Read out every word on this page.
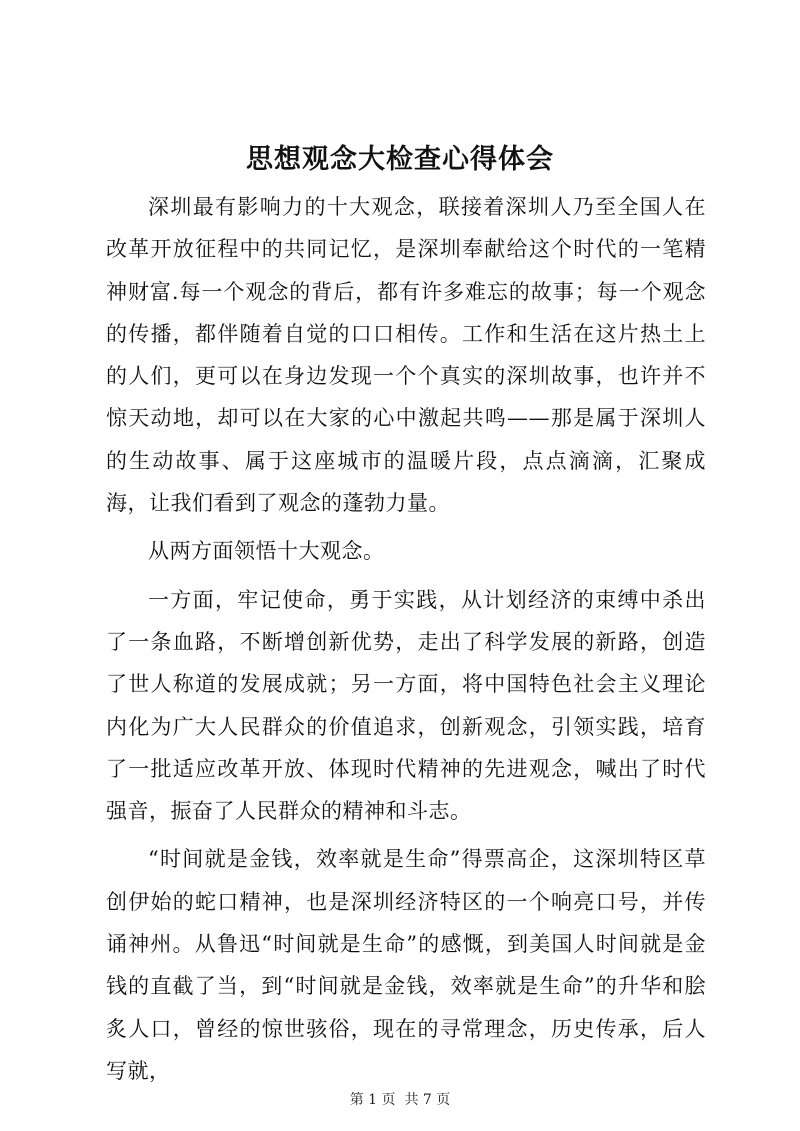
思想观念大检查心得体会

深圳最有影响力的十大观念，联接着深圳人乃至全国人在改革开放征程中的共同记忆，是深圳奉献给这个时代的一笔精神财富.每一个观念的背后，都有许多难忘的故事；每一个观念的传播，都伴随着自觉的口口相传。工作和生活在这片热土上的人们，更可以在身边发现一个个真实的深圳故事，也许并不惊天动地，却可以在大家的心中激起共鸣——那是属于深圳人的生动故事、属于这座城市的温暖片段，点点滴滴，汇聚成海，让我们看到了观念的蓬勃力量。

从两方面领悟十大观念。

一方面，牢记使命，勇于实践，从计划经济的束缚中杀出了一条血路，不断增创新优势，走出了科学发展的新路，创造了世人称道的发展成就；另一方面，将中国特色社会主义理论内化为广大人民群众的价值追求，创新观念，引领实践，培育了一批适应改革开放、体现时代精神的先进观念，喊出了时代强音，振奋了人民群众的精神和斗志。

“时间就是金钱，效率就是生命”得票高企，这深圳特区草创伊始的蛇口精神，也是深圳经济特区的一个响亮口号，并传诵神州。从鲁迅“时间就是生命”的感慨，到美国人时间就是金钱的直截了当，到“时间就是金钱，效率就是生命”的升华和脍炙人口，曾经的惊世骇俗，现在的寻常理念，历史传承，后人写就，

第 1 页 共 7 页
